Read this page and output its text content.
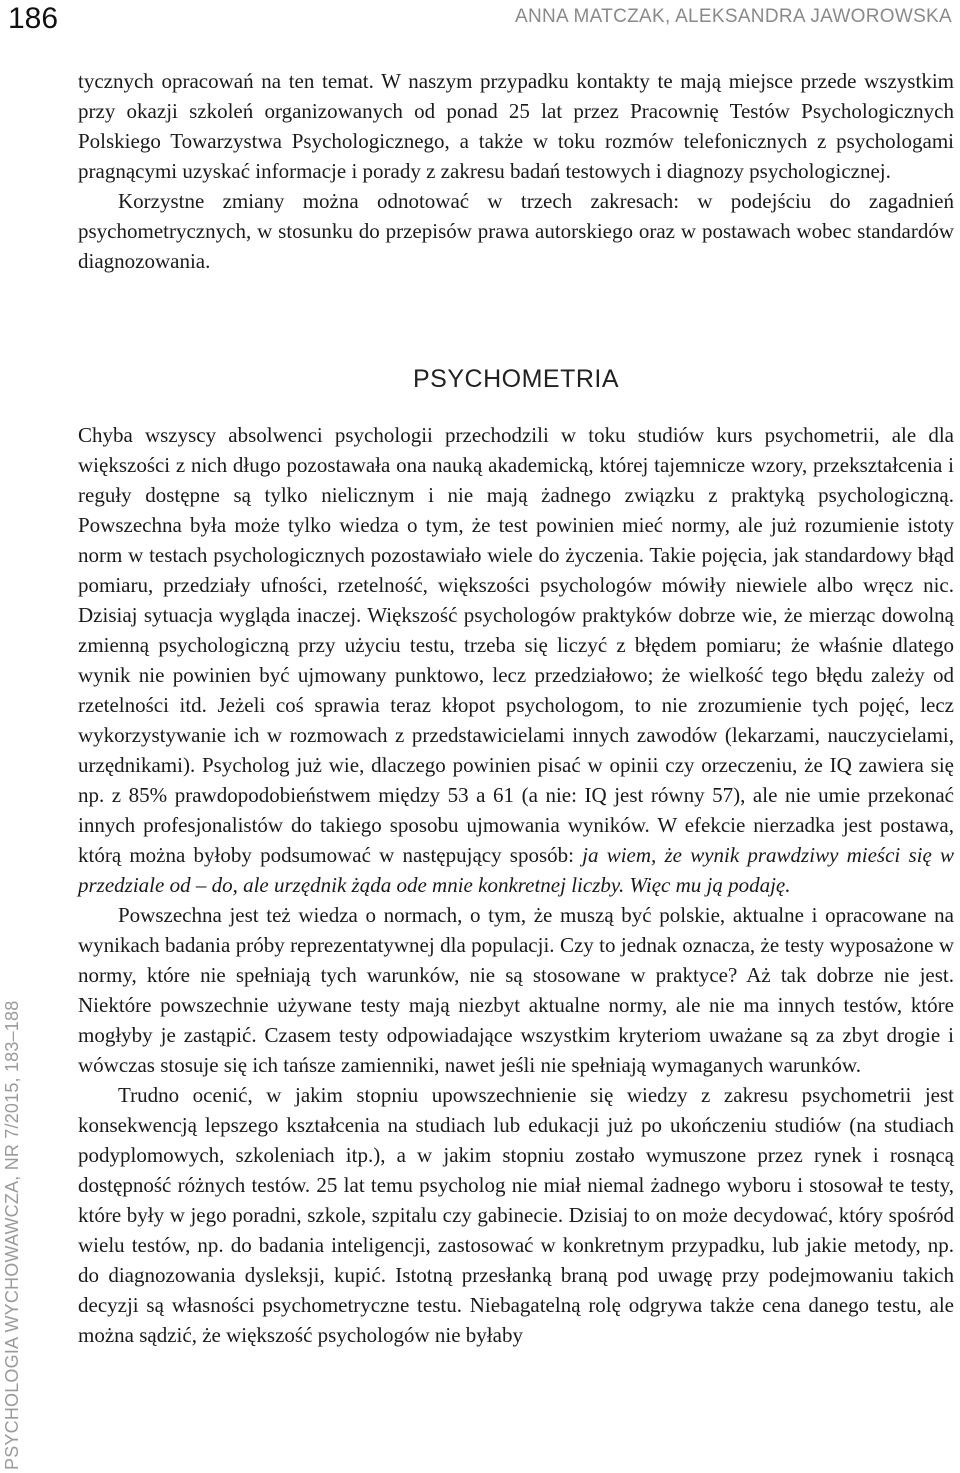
186	ANNA MATCZAK, ALEKSANDRA JAWOROWSKA
PSYCHOLOGIA WYCHOWAWCZA, NR 7/2015, 183–188

tycznych opracowań na ten temat. W naszym przypadku kontakty te mają miejsce przede wszystkim przy okazji szkoleń organizowanych od ponad 25 lat przez Pracownię Testów Psychologicznych Polskiego Towarzystwa Psychologicznego, a także w toku rozmów telefonicznych z psychologami pragnącymi uzyskać informacje i porady z zakresu badań testowych i diagnozy psychologicznej.

Korzystne zmiany można odnotować w trzech zakresach: w podejściu do zagadnień psychometrycznych, w stosunku do przepisów prawa autorskiego oraz w postawach wobec standardów diagnozowania.

PSYCHOMETRIA

Chyba wszyscy absolwenci psychologii przechodzili w toku studiów kurs psychometrii, ale dla większości z nich długo pozostawała ona nauką akademicką, której tajemnicze wzory, przekształcenia i reguły dostępne są tylko nielicznym i nie mają żadnego związku z praktyką psychologiczną. Powszechna była może tylko wiedza o tym, że test powinien mieć normy, ale już rozumienie istoty norm w testach psychologicznych pozostawiało wiele do życzenia. Takie pojęcia, jak standardowy błąd pomiaru, przedziały ufności, rzetelność, większości psychologów mówiły niewiele albo wręcz nic. Dzisiaj sytuacja wygląda inaczej. Większość psychologów praktyków dobrze wie, że mierząc dowolną zmienną psychologiczną przy użyciu testu, trzeba się liczyć z błędem pomiaru; że właśnie dlatego wynik nie powinien być ujmowany punktowo, lecz przedziałowo; że wielkość tego błędu zależy od rzetelności itd. Jeżeli coś sprawia teraz kłopot psychologom, to nie zrozumienie tych pojęć, lecz wykorzystywanie ich w rozmowach z przedstawicielami innych zawodów (lekarzami, nauczycielami, urzędnikami). Psycholog już wie, dlaczego powinien pisać w opinii czy orzeczeniu, że IQ zawiera się np. z 85% prawdopodobieństwem między 53 a 61 (a nie: IQ jest równy 57), ale nie umie przekonać innych profesjonalistów do takiego sposobu ujmowania wyników. W efekcie nierzadka jest postawa, którą można byłoby podsumować w następujący sposób: ja wiem, że wynik prawdziwy mieści się w przedziale od – do, ale urzędnik żąda ode mnie konkretnej liczby. Więc mu ją podaję.

Powszechna jest też wiedza o normach, o tym, że muszą być polskie, aktualne i opracowane na wynikach badania próby reprezentatywnej dla populacji. Czy to jednak oznacza, że testy wyposażone w normy, które nie spełniają tych warunków, nie są stosowane w praktyce? Aż tak dobrze nie jest. Niektóre powszechnie używane testy mają niezbyt aktualne normy, ale nie ma innych testów, które mogłyby je zastąpić. Czasem testy odpowiadające wszystkim kryteriom uważane są za zbyt drogie i wówczas stosuje się ich tańsze zamienniki, nawet jeśli nie spełniają wymaganych warunków.

Trudno ocenić, w jakim stopniu upowszechnienie się wiedzy z zakresu psychometrii jest konsekwencją lepszego kształcenia na studiach lub edukacji już po ukończeniu studiów (na studiach podyplomowych, szkoleniach itp.), a w jakim stopniu zostało wymuszone przez rynek i rosnącą dostępność różnych testów. 25 lat temu psycholog nie miał niemal żadnego wyboru i stosował te testy, które były w jego poradni, szkole, szpitalu czy gabinecie. Dzisiaj to on może decydować, który spośród wielu testów, np. do badania inteligencji, zastosować w konkretnym przypadku, lub jakie metody, np. do diagnozowania dysleksji, kupić. Istotną przesłanką braną pod uwagę przy podejmowaniu takich decyzji są własności psychometryczne testu. Niebagatelną rolę odgrywa także cena danego testu, ale można sądzić, że większość psychologów nie byłaby
